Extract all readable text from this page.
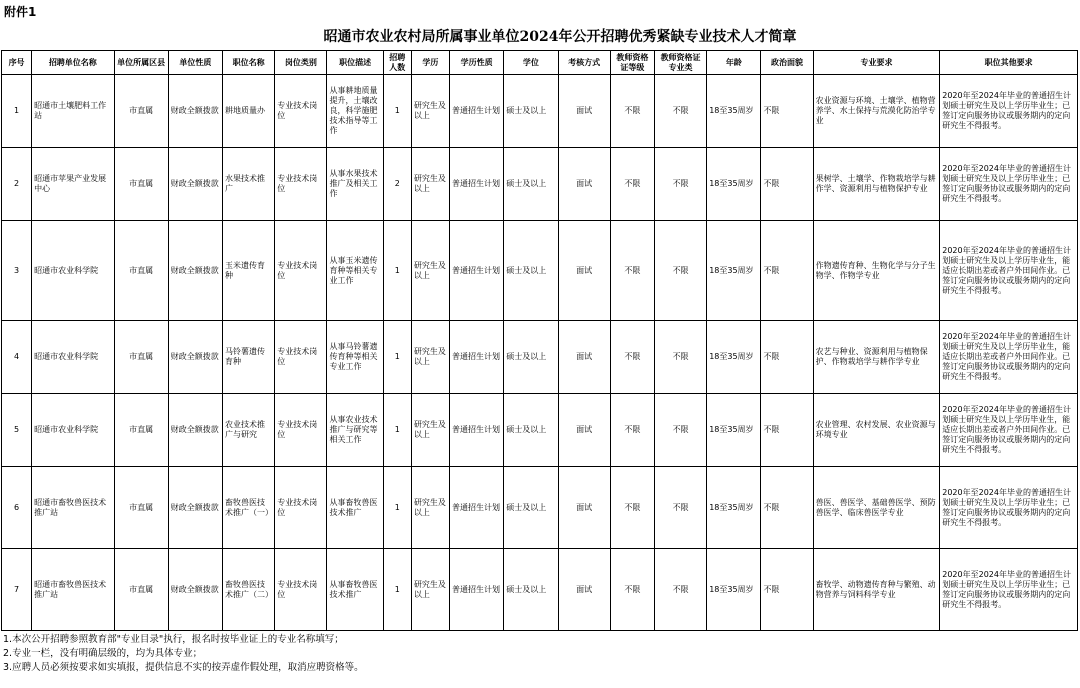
附件1
昭通市农业农村局所属事业单位2024年公开招聘优秀紧缺专业技术人才简章
序号	招聘单位名称	单位所属区县	单位性质	职位名称	岗位类别	职位描述	招聘人数	学历	学历性质	学位	考核方式	教师资格证等级	教师资格证专业类	年龄	政治面貌	专业要求	职位其他要求
1	昭通市土壤肥料工作站	市直属	财政全额拨款	耕地质量办	专业技术岗位	从事耕地质量提升，土壤改良，科学施肥技术指导等工作	1	研究生及以上	普通招生计划	硕士及以上	面试	不限	不限	18至35周岁	不限	农业资源与环境、土壤学、植物营养学、水土保持与荒漠化防治学专业	2020年至2024年毕业的普通招生计划硕士研究生及以上学历毕业生；已签订定向服务协议或服务期内的定向研究生不得报考。
2	昭通市苹果产业发展中心	市直属	财政全额拨款	水果技术推广	专业技术岗位	从事水果技术推广及相关工作	2	研究生及以上	普通招生计划	硕士及以上	面试	不限	不限	18至35周岁	不限	果树学、土壤学、作物栽培学与耕作学、资源利用与植物保护专业	2020年至2024年毕业的普通招生计划硕士研究生及以上学历毕业生；已签订定向服务协议或服务期内的定向研究生不得报考。
3	昭通市农业科学院	市直属	财政全额拨款	玉米遗传育种	专业技术岗位	从事玉米遗传育种等相关专业工作	1	研究生及以上	普通招生计划	硕士及以上	面试	不限	不限	18至35周岁	不限	作物遗传育种、生物化学与分子生物学、作物学专业	2020年至2024年毕业的普通招生计划硕士研究生及以上学历毕业生，能适应长期出差或者户外田间作业。已签订定向服务协议或服务期内的定向研究生不得报考。
4	昭通市农业科学院	市直属	财政全额拨款	马铃薯遗传育种	专业技术岗位	从事马铃薯遗传育种等相关专业工作	1	研究生及以上	普通招生计划	硕士及以上	面试	不限	不限	18至35周岁	不限	农艺与种业、资源利用与植物保护、作物栽培学与耕作学专业	2020年至2024年毕业的普通招生计划硕士研究生及以上学历毕业生，能适应长期出差或者户外田间作业。已签订定向服务协议或服务期内的定向研究生不得报考。
5	昭通市农业科学院	市直属	财政全额拨款	农业技术推广与研究	专业技术岗位	从事农业技术推广与研究等相关工作	1	研究生及以上	普通招生计划	硕士及以上	面试	不限	不限	18至35周岁	不限	农业管理、农村发展、农业资源与环境专业	2020年至2024年毕业的普通招生计划硕士研究生及以上学历毕业生，能适应长期出差或者户外田间作业。已签订定向服务协议或服务期内的定向研究生不得报考。
6	昭通市畜牧兽医技术推广站	市直属	财政全额拨款	畜牧兽医技术推广（一）	专业技术岗位	从事畜牧兽医技术推广	1	研究生及以上	普通招生计划	硕士及以上	面试	不限	不限	18至35周岁	不限	兽医、兽医学、基础兽医学、预防兽医学、临床兽医学专业	2020年至2024年毕业的普通招生计划硕士研究生及以上学历毕业生；已签订定向服务协议或服务期内的定向研究生不得报考。
7	昭通市畜牧兽医技术推广站	市直属	财政全额拨款	畜牧兽医技术推广（二）	专业技术岗位	从事畜牧兽医技术推广	1	研究生及以上	普通招生计划	硕士及以上	面试	不限	不限	18至35周岁	不限	畜牧学、动物遗传育种与繁殖、动物营养与饲料科学专业	2020年至2024年毕业的普通招生计划硕士研究生及以上学历毕业生；已签订定向服务协议或服务期内的定向研究生不得报考。
1.本次公开招聘参照教育部"专业目录"执行，报名时按毕业证上的专业名称填写；
2.专业一栏，没有明确层级的，均为具体专业；
3.应聘人员必须按要求如实填报，提供信息不实的按弄虚作假处理，取消应聘资格等。
